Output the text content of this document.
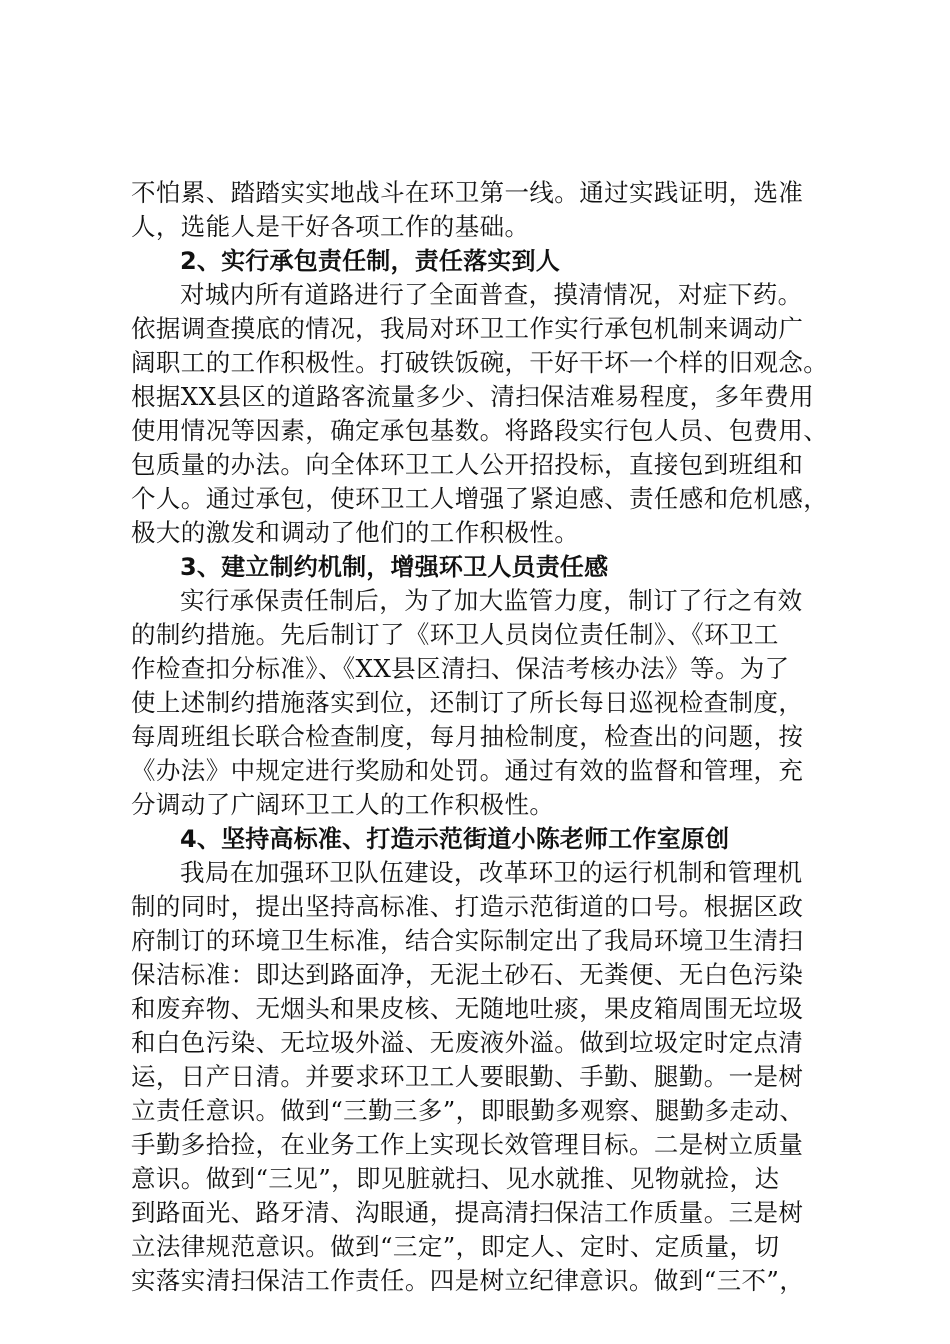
不怕累、踏踏实实地战斗在环卫第一线。通过实践证明，选准
人，选能人是干好各项工作的基础。
2、实行承包责任制，责任落实到人
对城内所有道路进行了全面普查，摸清情况，对症下药。
依据调查摸底的情况，我局对环卫工作实行承包机制来调动广
阔职工的工作积极性。打破铁饭碗，干好干坏一个样的旧观念。
根据XX县区的道路客流量多少、清扫保洁难易程度，多年费用
使用情况等因素，确定承包基数。将路段实行包人员、包费用、
包质量的办法。向全体环卫工人公开招投标，直接包到班组和
个人。通过承包，使环卫工人增强了紧迫感、责任感和危机感，
极大的激发和调动了他们的工作积极性。
3、建立制约机制，增强环卫人员责任感
实行承保责任制后，为了加大监管力度，制订了行之有效
的制约措施。先后制订了《环卫人员岗位责任制》、《环卫工
作检查扣分标准》、《XX县区清扫、保洁考核办法》等。为了
使上述制约措施落实到位，还制订了所长每日巡视检查制度，
每周班组长联合检查制度，每月抽检制度，检查出的问题，按
《办法》中规定进行奖励和处罚。通过有效的监督和管理，充
分调动了广阔环卫工人的工作积极性。
4、坚持高标准、打造示范街道小陈老师工作室原创
我局在加强环卫队伍建设，改革环卫的运行机制和管理机
制的同时，提出坚持高标准、打造示范街道的口号。根据区政
府制订的环境卫生标准，结合实际制定出了我局环境卫生清扫
保洁标准：即达到路面净，无泥土砂石、无粪便、无白色污染
和废弃物、无烟头和果皮核、无随地吐痰，果皮箱周围无垃圾
和白色污染、无垃圾外溢、无废液外溢。做到垃圾定时定点清
运，日产日清。并要求环卫工人要眼勤、手勤、腿勤。一是树
立责任意识。做到“三勤三多”，即眼勤多观察、腿勤多走动、
手勤多拾捡，在业务工作上实现长效管理目标。二是树立质量
意识。做到“三见”，即见脏就扫、见水就推、见物就捡，达
到路面光、路牙清、沟眼通，提高清扫保洁工作质量。三是树
立法律规范意识。做到“三定”，即定人、定时、定质量，切
实落实清扫保洁工作责任。四是树立纪律意识。做到“三不”，
